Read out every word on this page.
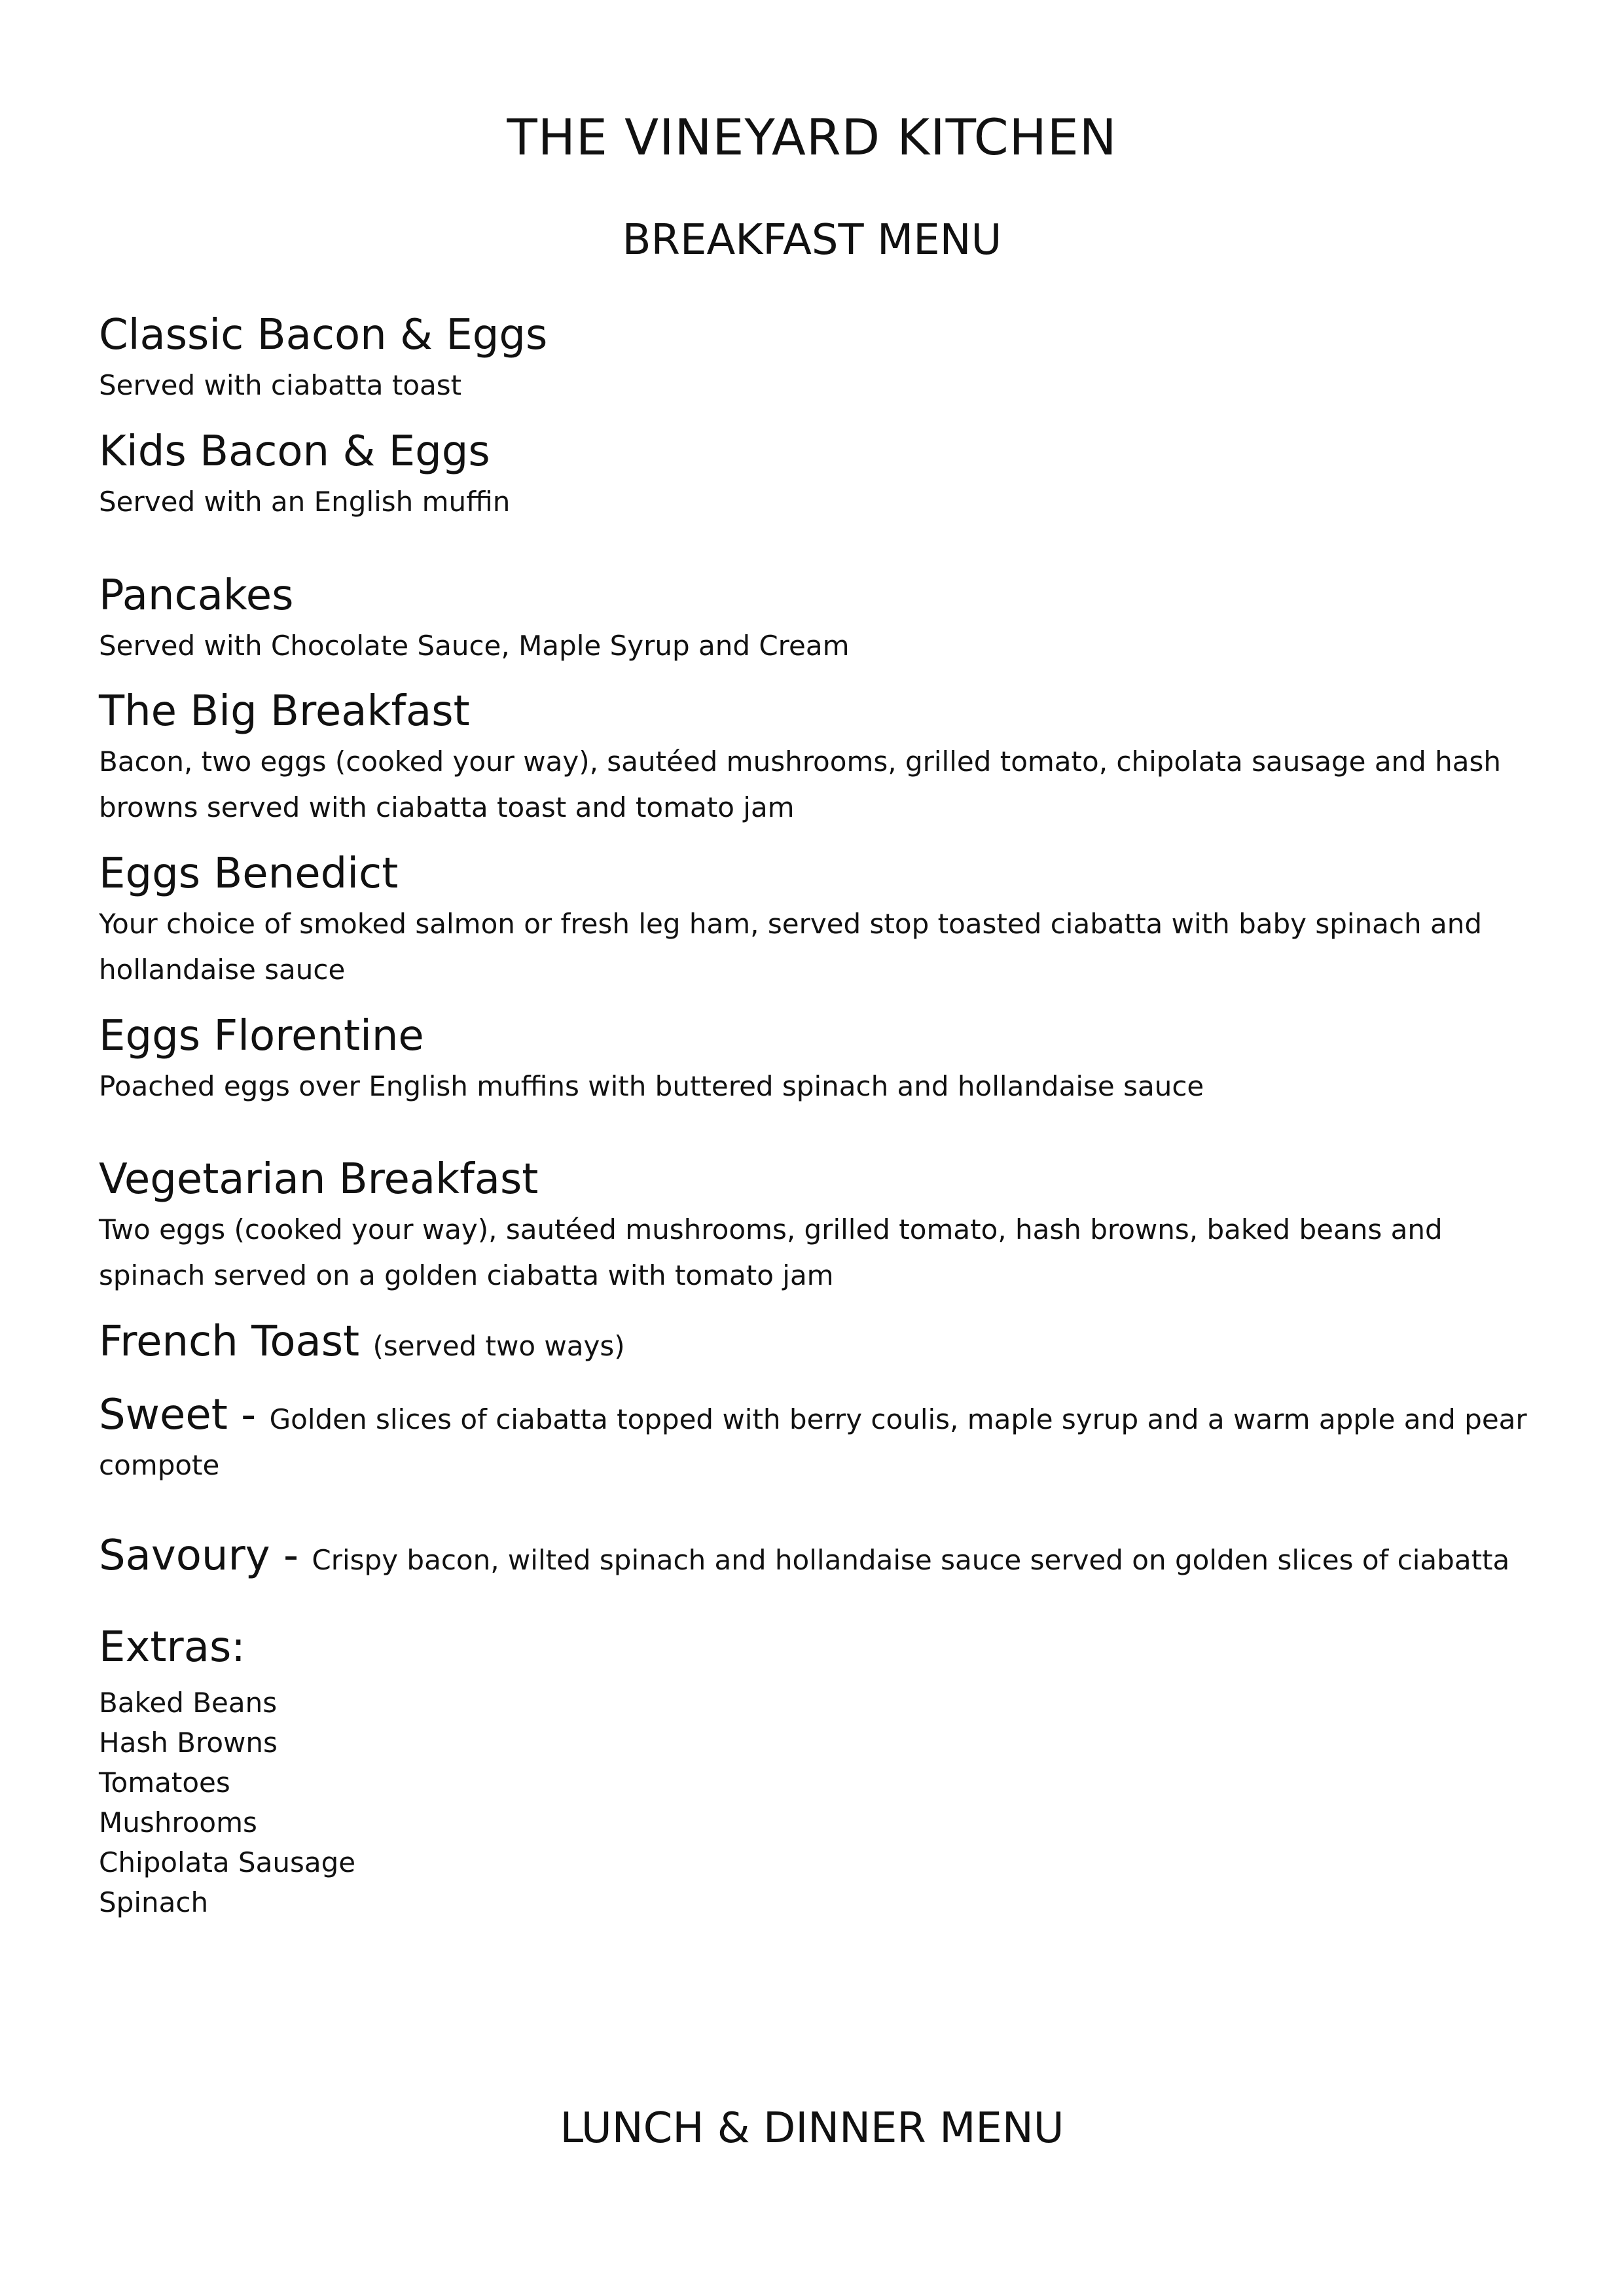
THE VINEYARD KITCHEN
BREAKFAST MENU
Classic Bacon & Eggs
Served with ciabatta toast
Kids Bacon & Eggs
Served with an English muffin
Pancakes
Served with Chocolate Sauce, Maple Syrup and Cream
The Big Breakfast
Bacon, two eggs (cooked your way), sautéed mushrooms, grilled tomato, chipolata sausage and hash browns served with ciabatta toast and tomato jam
Eggs Benedict
Your choice of smoked salmon or fresh leg ham, served stop toasted ciabatta with baby spinach and hollandaise sauce
Eggs Florentine
Poached eggs over English muffins with buttered spinach and hollandaise sauce
Vegetarian Breakfast
Two eggs (cooked your way), sautéed mushrooms, grilled tomato, hash browns, baked beans and spinach served on a golden ciabatta with tomato jam
French Toast (served two ways)
Sweet - Golden slices of ciabatta topped with berry coulis, maple syrup and a warm apple and pear compote
Savoury - Crispy bacon, wilted spinach and hollandaise sauce served on golden slices of ciabatta
Extras:
Baked Beans
Hash Browns
Tomatoes
Mushrooms
Chipolata Sausage
Spinach
LUNCH & DINNER MENU
